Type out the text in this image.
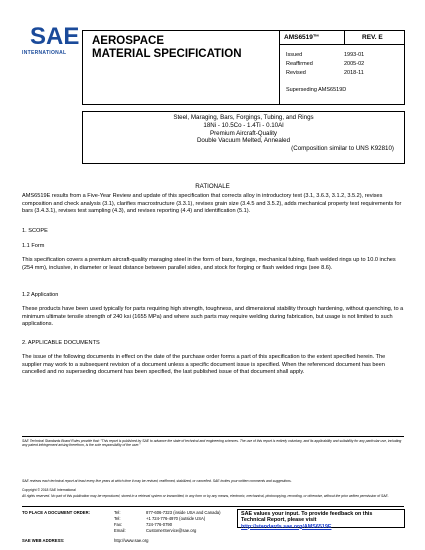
SAE
INTERNATIONAL
AEROSPACE
MATERIAL SPECIFICATION
AMS6519™	REV. E
Issued	1993-01
Reaffirmed	2005-02
Revised	2018-11
Superseding AMS6519D
Steel, Maraging, Bars, Forgings, Tubing, and Rings
18Ni - 10.5Co - 1.4Ti - 0.10Al
Premium Aircraft-Quality
Double Vacuum Melted, Annealed
(Composition similar to UNS K92810)
RATIONALE
AMS6519E results from a Five-Year Review and update of this specification that corrects alloy in introductory text (3.1, 3.6.3, 3.1.2, 3.5.2), revises composition and check analysis (3.1), clarifies macrostructure (3.3.1), revises grain size (3.4.5 and 3.5.2), adds mechanical property test requirements for bars (3.4.3.1), revises test sampling (4.3), and revises reporting (4.4) and identification (5.1).
1. SCOPE
1.1 Form
This specification covers a premium aircraft-quality maraging steel in the form of bars, forgings, mechanical tubing, flash welded rings up to 10.0 inches (254 mm), inclusive, in diameter or least distance between parallel sides, and stock for forging or flash welded rings (see 8.6).
1.2 Application
These products have been used typically for parts requiring high strength, toughness, and dimensional stability through hardening, without quenching, to a minimum ultimate tensile strength of 240 ksi (1655 MPa) and where such parts may require welding during fabrication, but usage is not limited to such applications.
2. APPLICABLE DOCUMENTS
The issue of the following documents in effect on the date of the purchase order forms a part of this specification to the extent specified herein. The supplier may work to a subsequent revision of a document unless a specific document issue is specified. When the referenced document has been cancelled and no superseding document has been specified, the last published issue of that document shall apply.
SAE Technical Standards Board Rules provide that: "This report is published by SAE to advance the state of technical and engineering sciences. The use of this report is entirely voluntary, and its applicability and suitability for any particular use, including any patent infringement arising therefrom, is the sole responsibility of the user."
SAE reviews each technical report at least every five years at which time it may be revised, reaffirmed, stabilized, or cancelled. SAE invites your written comments and suggestions.
Copyright © 2018 SAE International
All rights reserved. No part of this publication may be reproduced, stored in a retrieval system or transmitted, in any form or by any means, electronic, mechanical, photocopying, recording, or otherwise, without the prior written permission of SAE.
TO PLACE A DOCUMENT ORDER:	Tel:	877-606-7323 (inside USA and Canada)
Tel:	+1 724-776-4970 (outside USA)
Fax:	724-776-0790
Email:	CustomerService@sae.org
SAE WEB ADDRESS:	http://www.sae.org
SAE values your input. To provide feedback on this
Technical Report, please visit http://standards.sae.org/AMS6519E
